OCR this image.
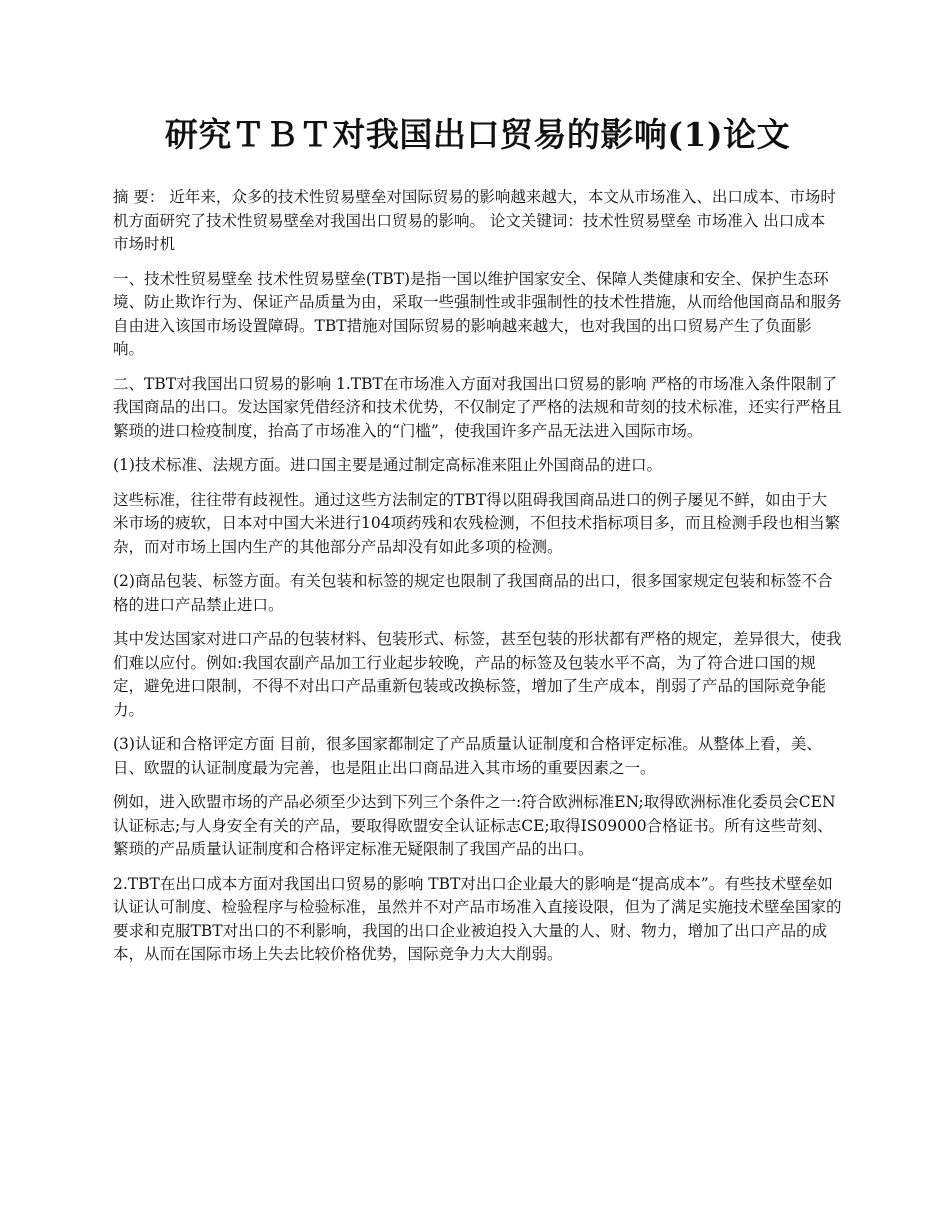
研究ＴＢＴ对我国出口贸易的影响(1)论文

摘 要： 近年来，众多的技术性贸易壁垒对国际贸易的影响越来越大，本文从市场准入、出口成本、市场时机方面研究了技术性贸易壁垒对我国出口贸易的影响。 论文关键词：技术性贸易壁垒 市场准入 出口成本 市场时机

一、技术性贸易壁垒 技术性贸易壁垒(TBT)是指一国以维护国家安全、保障人类健康和安全、保护生态环境、防止欺诈行为、保证产品质量为由，采取一些强制性或非强制性的技术性措施，从而给他国商品和服务自由进入该国市场设置障碍。TBT措施对国际贸易的影响越来越大，也对我国的出口贸易产生了负面影响。

二、TBT对我国出口贸易的影响 1.TBT在市场准入方面对我国出口贸易的影响 严格的市场准入条件限制了我国商品的出口。发达国家凭借经济和技术优势，不仅制定了严格的法规和苛刻的技术标准，还实行严格且繁琐的进口检疫制度，抬高了市场准入的“门槛”，使我国许多产品无法进入国际市场。

(1)技术标准、法规方面。进口国主要是通过制定高标准来阻止外国商品的进口。

这些标准，往往带有歧视性。通过这些方法制定的TBT得以阻碍我国商品进口的例子屡见不鲜，如由于大米市场的疲软，日本对中国大米进行104项药残和农残检测，不但技术指标项目多，而且检测手段也相当繁杂，而对市场上国内生产的其他部分产品却没有如此多项的检测。

(2)商品包装、标签方面。有关包装和标签的规定也限制了我国商品的出口，很多国家规定包装和标签不合格的进口产品禁止进口。

其中发达国家对进口产品的包装材料、包装形式、标签，甚至包装的形状都有严格的规定，差异很大，使我们难以应付。例如:我国农副产品加工行业起步较晚，产品的标签及包装水平不高，为了符合进口国的规定，避免进口限制，不得不对出口产品重新包装或改换标签，增加了生产成本，削弱了产品的国际竞争能力。

(3)认证和合格评定方面 目前，很多国家都制定了产品质量认证制度和合格评定标准。从整体上看，美、日、欧盟的认证制度最为完善，也是阻止出口商品进入其市场的重要因素之一。

例如，进入欧盟市场的产品必须至少达到下列三个条件之一:符合欧洲标准EN;取得欧洲标准化委员会CEN认证标志;与人身安全有关的产品，要取得欧盟安全认证标志CE;取得IS09000合格证书。所有这些苛刻、繁琐的产品质量认证制度和合格评定标准无疑限制了我国产品的出口。

2.TBT在出口成本方面对我国出口贸易的影响 TBT对出口企业最大的影响是“提高成本”。有些技术壁垒如认证认可制度、检验程序与检验标准，虽然并不对产品市场准入直接设限，但为了满足实施技术壁垒国家的要求和克服TBT对出口的不利影响，我国的出口企业被迫投入大量的人、财、物力，增加了出口产品的成本，从而在国际市场上失去比较价格优势，国际竞争力大大削弱。
